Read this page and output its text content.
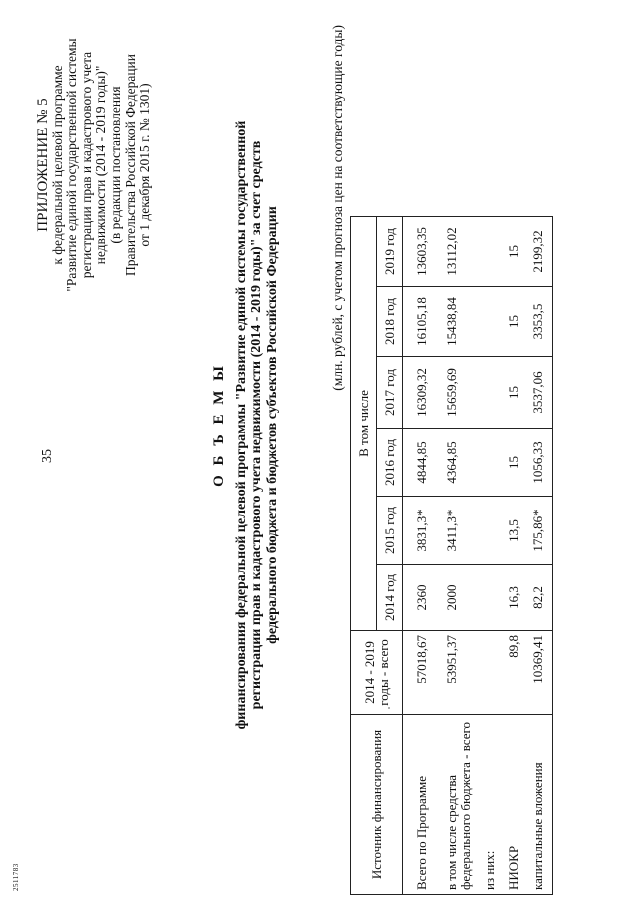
2511783
35
ПРИЛОЖЕНИЕ № 5
к федеральной целевой программе "Развитие единой государственной системы регистрации прав и кадастрового учета недвижимости (2014 - 2019 годы)" (в редакции постановления Правительства Российской Федерации от 1 декабря 2015 г. № 1301)
О Б Ъ Е М Ы финансирования федеральной целевой программы "Развитие единой системы государственной регистрации прав и кадастрового учета недвижимости (2014 - 2019 годы)" за счет средств федерального бюджета и бюджетов субъектов Российской Федерации	(млн. рублей, с учетом прогноза цен на соответствующие годы)
Источник финансирования	2014 - 2019 годы - всего	В том числе					
		2014 год	2015 год	2016 год	2017 год	2018 год	2019 год
Всего по Программе	57018,67	2360	3831,3*	4844,85	16309,32	16105,18	13603,35
в том числе средства федерального бюджета - всего	53951,37	2000	3411,3*	4364,85	15659,69	15438,84	13112,02
из них:							
НИОКР	89,8	16,3	13,5	15	15	15	15
капитальные вложения	10369,41	82,2	175,86*	1056,33	3537,06	3353,5	2199,32
